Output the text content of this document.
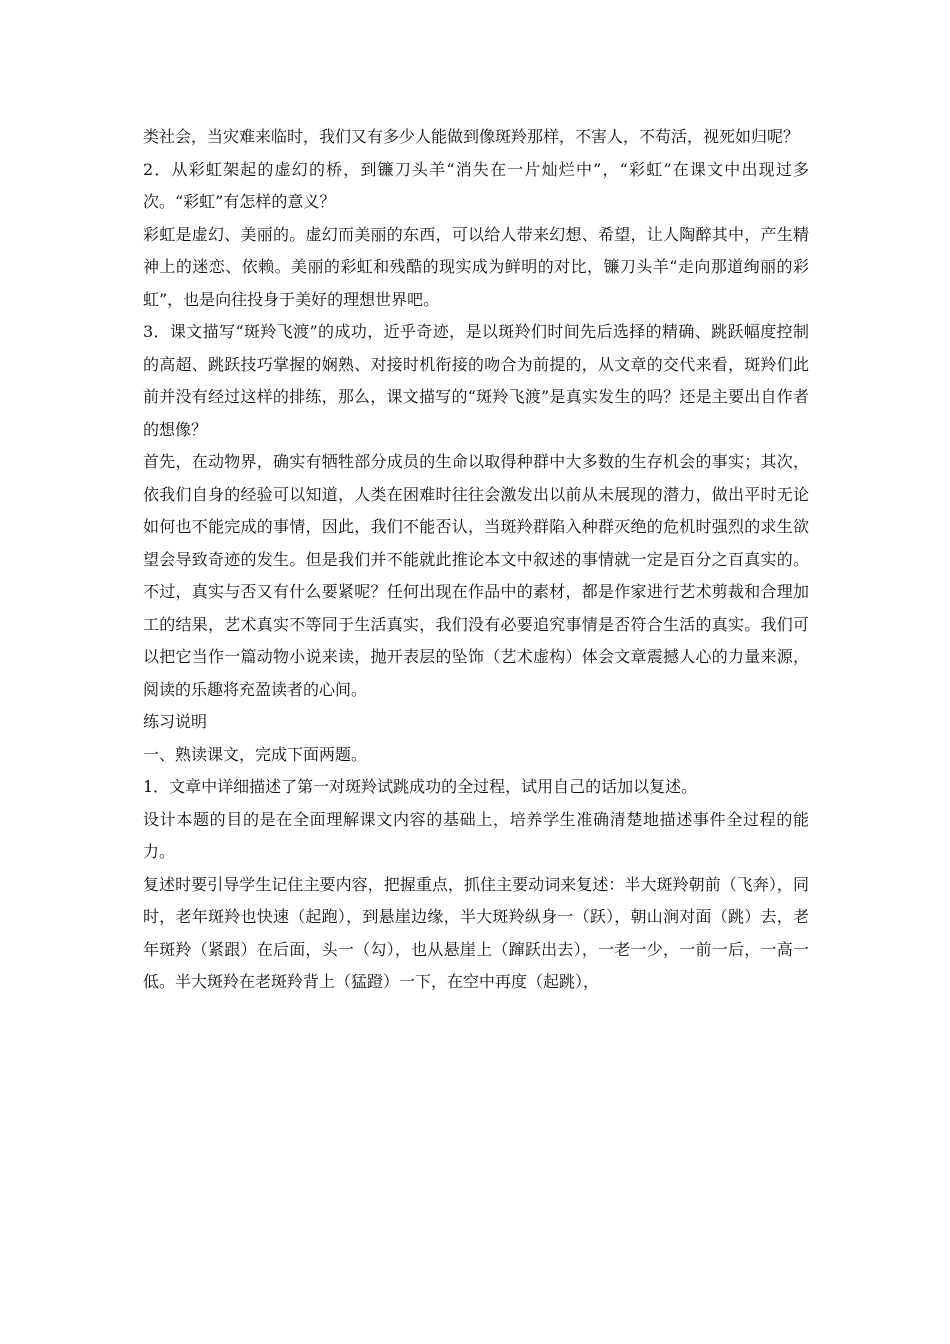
类社会，当灾难来临时，我们又有多少人能做到像斑羚那样，不害人，不苟活，视死如归呢？

2．从彩虹架起的虚幻的桥，到镰刀头羊“消失在一片灿烂中”，“彩虹”在课文中出现过多次。“彩虹”有怎样的意义？

彩虹是虚幻、美丽的。虚幻而美丽的东西，可以给人带来幻想、希望，让人陶醉其中，产生精神上的迷恋、依赖。美丽的彩虹和残酷的现实成为鲜明的对比，镰刀头羊“走向那道绚丽的彩虹”，也是向往投身于美好的理想世界吧。

3．课文描写“斑羚飞渡”的成功，近乎奇迹，是以斑羚们时间先后选择的精确、跳跃幅度控制的高超、跳跃技巧掌握的娴熟、对接时机衔接的吻合为前提的，从文章的交代来看，斑羚们此前并没有经过这样的排练，那么，课文描写的“斑羚飞渡”是真实发生的吗？还是主要出自作者的想像？

首先，在动物界，确实有牺牲部分成员的生命以取得种群中大多数的生存机会的事实；其次，依我们自身的经验可以知道，人类在困难时往往会激发出以前从未展现的潜力，做出平时无论如何也不能完成的事情，因此，我们不能否认，当斑羚群陷入种群灭绝的危机时强烈的求生欲望会导致奇迹的发生。但是我们并不能就此推论本文中叙述的事情就一定是百分之百真实的。不过，真实与否又有什么要紧呢？任何出现在作品中的素材，都是作家进行艺术剪裁和合理加工的结果，艺术真实不等同于生活真实，我们没有必要追究事情是否符合生活的真实。我们可以把它当作一篇动物小说来读，抛开表层的坠饰（艺术虚构）体会文章震撼人心的力量来源，阅读的乐趣将充盈读者的心间。

练习说明

一、熟读课文，完成下面两题。

1．文章中详细描述了第一对斑羚试跳成功的全过程，试用自己的话加以复述。

设计本题的目的是在全面理解课文内容的基础上，培养学生准确清楚地描述事件全过程的能力。

复述时要引导学生记住主要内容，把握重点，抓住主要动词来复述：半大斑羚朝前（飞奔），同时，老年斑羚也快速（起跑），到悬崖边缘，半大斑羚纵身一（跃），朝山涧对面（跳）去，老年斑羚（紧跟）在后面，头一（勾），也从悬崖上（蹿跃出去），一老一少，一前一后，一高一低。半大斑羚在老斑羚背上（猛蹬）一下，在空中再度（起跳），
